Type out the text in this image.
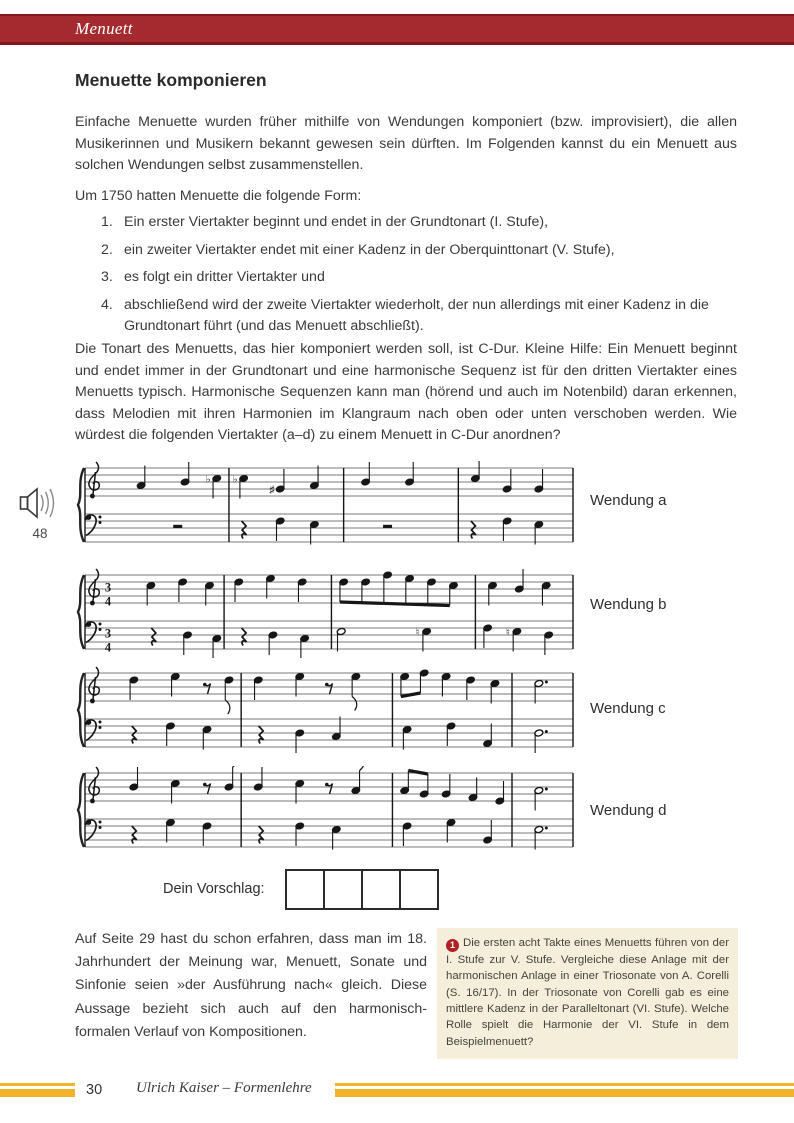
Menuett
Menuette komponieren
Einfache Menuette wurden früher mithilfe von Wendungen komponiert (bzw. improvisiert), die allen Musikerinnen und Musikern bekannt gewesen sein dürften. Im Folgenden kannst du ein Menuett aus solchen Wendungen selbst zusammenstellen.
Um 1750 hatten Menuette die folgende Form:
1. Ein erster Viertakter beginnt und endet in der Grundtonart (I. Stufe),
2. ein zweiter Viertakter endet mit einer Kadenz in der Oberquinttonart (V. Stufe),
3. es folgt ein dritter Viertakter und
4. abschließend wird der zweite Viertakter wiederholt, der nun allerdings mit einer Kadenz in die Grundtonart führt (und das Menuett abschließt).
Die Tonart des Menuetts, das hier komponiert werden soll, ist C-Dur. Kleine Hilfe: Ein Menuett beginnt und endet immer in der Grundtonart und eine harmonische Sequenz ist für den dritten Viertakter eines Menuetts typisch. Harmonische Sequenzen kann man (hörend und auch im Notenbild) daran erkennen, dass Melodien mit ihren Harmonien im Klangraum nach oben oder unten verschoben werden. Wie würdest die folgenden Viertakter (a–d) zu einem Menuett in C-Dur anordnen?
48
♭ ♭
♯
3
4
3
4
♮	♮
Wendung a
Wendung b
Wendung c
Wendung d
Dein Vorschlag:
Auf Seite 29 hast du schon erfahren, dass man im 18. Jahrhundert der Meinung war, Menuett, Sonate und Sinfonie seien »der Ausführung nach« gleich. Diese Aussage bezieht sich auch auf den harmonisch-formalen Verlauf von Kompositionen.
1 Die ersten acht Takte eines Menuetts führen von der I. Stufe zur V. Stufe. Vergleiche diese Anlage mit der harmonischen Anlage in einer Triosonate von A. Corelli (S. 16/17). In der Triosonate von Corelli gab es eine mittlere Kadenz in der Paralleltonart (VI. Stufe). Welche Rolle spielt die Harmonie der VI. Stufe in dem Beispielmenuett?
30 Ulrich Kaiser – Formenlehre
